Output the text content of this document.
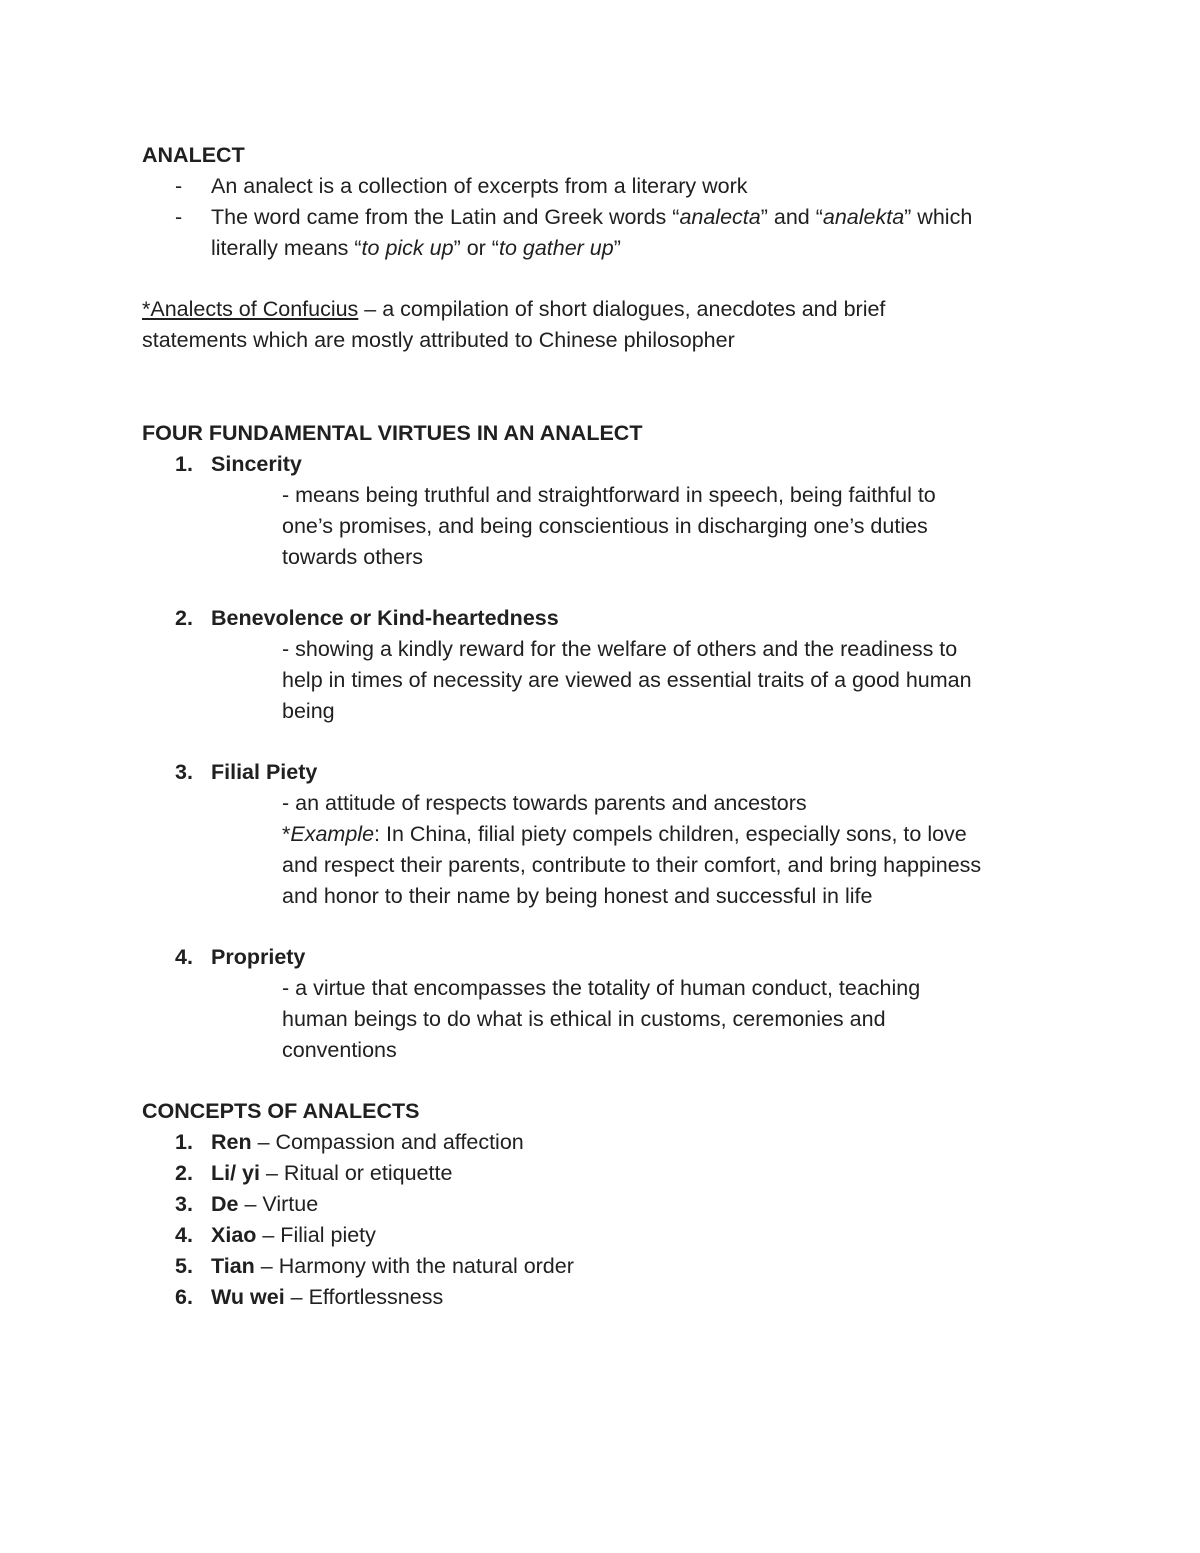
ANALECT
- An analect is a collection of excerpts from a literary work
- The word came from the Latin and Greek words “analecta” and “analekta” which
literally means “to pick up” or “to gather up”
*Analects of Confucius – a compilation of short dialogues, anecdotes and brief
statements which are mostly attributed to Chinese philosopher
FOUR FUNDAMENTAL VIRTUES IN AN ANALECT
1. Sincerity
- means being truthful and straightforward in speech, being faithful to
one’s promises, and being conscientious in discharging one’s duties
towards others
2. Benevolence or Kind-heartedness
- showing a kindly reward for the welfare of others and the readiness to
help in times of necessity are viewed as essential traits of a good human
being
3. Filial Piety
- an attitude of respects towards parents and ancestors
*Example: In China, filial piety compels children, especially sons, to love
and respect their parents, contribute to their comfort, and bring happiness
and honor to their name by being honest and successful in life
4. Propriety
- a virtue that encompasses the totality of human conduct, teaching
human beings to do what is ethical in customs, ceremonies and
conventions
CONCEPTS OF ANALECTS
1. Ren – Compassion and affection
2. Li/ yi – Ritual or etiquette
3. De – Virtue
4. Xiao – Filial piety
5. Tian – Harmony with the natural order
6. Wu wei – Effortlessness
